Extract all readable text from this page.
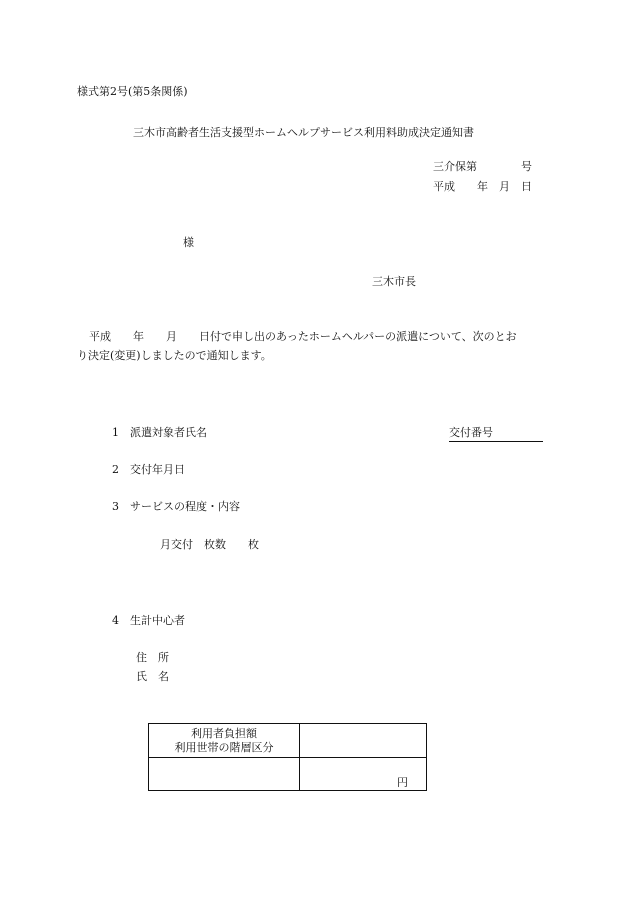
様式第2号(第5条関係)
三木市高齢者生活支援型ホームヘルプサービス利用料助成決定通知書
三介保第　　　　号
平成　　年　月　日
様
三木市長
平成　　年　　月　　日付で申し出のあったホームヘルパーの派遣について、次のとお
り決定(変更)しましたので通知します。
1 派遣対象者氏名	交付番号
2 交付年月日
3 サービスの程度・内容
月交付　枚数　　枚
4 生計中心者
住　所
氏　名
利用者負担額
利用世帯の階層区分
円
